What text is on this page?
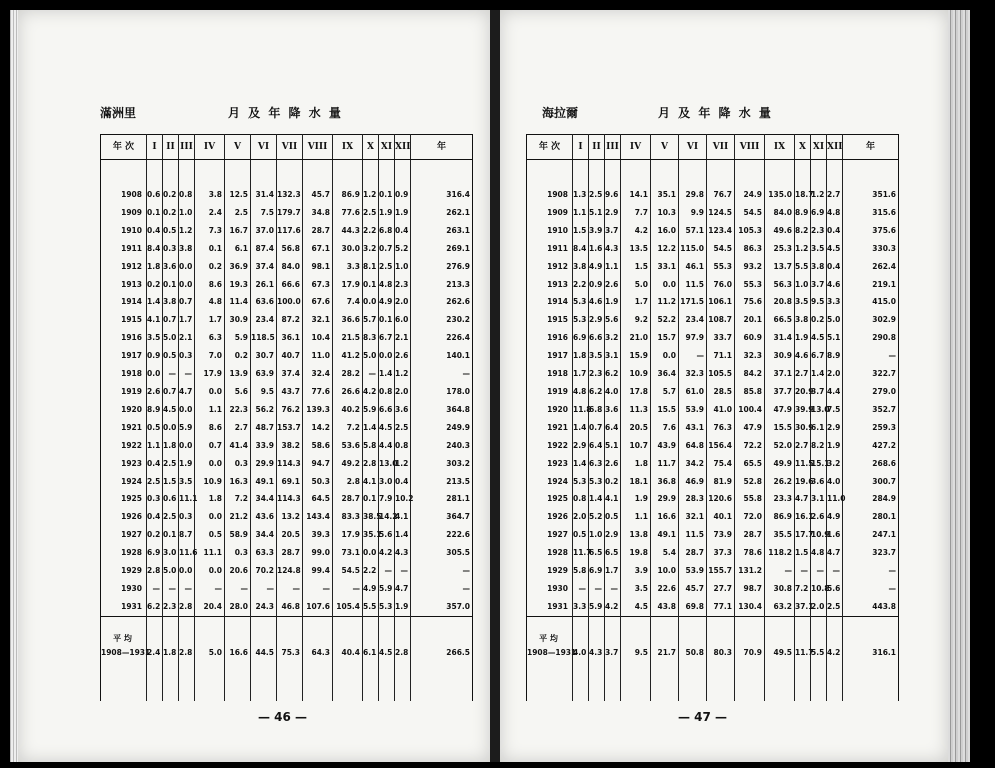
滿洲里	月 及 年 降 水 量
年 次	I	II	III	IV	V	VI	VII	VIII	IX	X	XI	XII	年

1908	0.6	0.2	0.8	3.8	12.5	31.4	132.3	45.7	86.9	1.2	0.1	0.9	316.4
1909	0.1	0.2	1.0	2.4	2.5	7.5	179.7	34.8	77.6	2.5	1.9	1.9	262.1
1910	0.4	0.5	1.2	7.3	16.7	37.0	117.6	28.7	44.3	2.2	6.8	0.4	263.1
1911	8.4	0.3	3.8	0.1	6.1	87.4	56.8	67.1	30.0	3.2	0.7	5.2	269.1
1912	1.8	3.6	0.0	0.2	36.9	37.4	84.0	98.1	3.3	8.1	2.5	1.0	276.9
1913	0.2	0.1	0.0	8.6	19.3	26.1	66.6	67.3	17.9	0.1	4.8	2.3	213.3
1914	1.4	3.8	0.7	4.8	11.4	63.6	100.0	67.6	7.4	0.0	4.9	2.0	262.6
1915	4.1	0.7	1.7	1.7	30.9	23.4	87.2	32.1	36.6	5.7	0.1	6.0	230.2
1916	3.5	5.0	2.1	6.3	5.9	118.5	36.1	10.4	21.5	8.3	6.7	2.1	226.4
1917	0.9	0.5	0.3	7.0	0.2	30.7	40.7	11.0	41.2	5.0	0.0	2.6	140.1
1918	0.0	—	—	17.9	13.9	63.9	37.4	32.4	28.2	—	1.4	1.2	—
1919	2.6	0.7	4.7	0.0	5.6	9.5	43.7	77.6	26.6	4.2	0.8	2.0	178.0
1920	8.9	4.5	0.0	1.1	22.3	56.2	76.2	139.3	40.2	5.9	6.6	3.6	364.8
1921	0.5	0.0	5.9	8.6	2.7	48.7	153.7	14.2	7.2	1.4	4.5	2.5	249.9
1922	1.1	1.8	0.0	0.7	41.4	33.9	38.2	58.6	53.6	5.8	4.4	0.8	240.3
1923	0.4	2.5	1.9	0.0	0.3	29.9	114.3	94.7	49.2	2.8	13.0	1.2	303.2
1924	2.5	1.5	3.5	10.9	16.3	49.1	69.1	50.3	2.8	4.1	3.0	0.4	213.5
1925	0.3	0.6	11.1	1.8	7.2	34.4	114.3	64.5	28.7	0.1	7.9	10.2	281.1
1926	0.4	2.5	0.3	0.0	21.2	43.6	13.2	143.4	83.3	38.5	14.2	4.1	364.7
1927	0.2	0.1	8.7	0.5	58.9	34.4	20.5	39.3	17.9	35.1	5.6	1.4	222.6
1928	6.9	3.0	11.6	11.1	0.3	63.3	28.7	99.0	73.1	0.0	4.2	4.3	305.5
1929	2.8	5.0	0.0	0.0	20.6	70.2	124.8	99.4	54.5	2.2	—	—	—
1930	—	—	—	—	—	—	—	—	—	4.9	5.9	4.7	—
1931	6.2	2.3	2.8	20.4	28.0	24.3	46.8	107.6	105.4	5.5	5.3	1.9	357.0

平 均													
1908—1931	2.4	1.8	2.8	5.0	16.6	44.5	75.3	64.3	40.4	6.1	4.5	2.8	266.5

— 46 —
海拉爾	月 及 年 降 水 量
年 次	I	II	III	IV	V	VI	VII	VIII	IX	X	XI	XII	年

1908	1.3	2.5	9.6	14.1	35.1	29.8	76.7	24.9	135.0	18.7	1.2	2.7	351.6
1909	1.1	5.1	2.9	7.7	10.3	9.9	124.5	54.5	84.0	8.9	6.9	4.8	315.6
1910	1.5	3.9	3.7	4.2	16.0	57.1	123.4	105.3	49.6	8.2	2.3	0.4	375.6
1911	8.4	1.6	4.3	13.5	12.2	115.0	54.5	86.3	25.3	1.2	3.5	4.5	330.3
1912	3.8	4.9	1.1	1.5	33.1	46.1	55.3	93.2	13.7	5.5	3.8	0.4	262.4
1913	2.2	0.9	2.6	5.0	0.0	11.5	76.0	55.3	56.3	1.0	3.7	4.6	219.1
1914	5.3	4.6	1.9	1.7	11.2	171.5	106.1	75.6	20.8	3.5	9.5	3.3	415.0
1915	5.3	2.9	5.6	9.2	52.2	23.4	108.7	20.1	66.5	3.8	0.2	5.0	302.9
1916	6.9	6.6	3.2	21.0	15.7	97.9	33.7	60.9	31.4	1.9	4.5	5.1	290.8
1917	1.8	3.5	3.1	15.9	0.0	—	71.1	32.3	30.9	4.6	6.7	8.9	—
1918	1.7	2.3	6.2	10.9	36.4	32.3	105.5	84.2	37.1	2.7	1.4	2.0	322.7
1919	4.8	6.2	4.0	17.8	5.7	61.0	28.5	85.8	37.7	20.9	3.7	4.4	279.0
1920	11.8	6.8	3.6	11.3	15.5	53.9	41.0	100.4	47.9	39.9	13.0	7.5	352.7
1921	1.4	0.7	6.4	20.5	7.6	43.1	76.3	47.9	15.5	30.9	6.1	2.9	259.3
1922	2.9	6.4	5.1	10.7	43.9	64.8	156.4	72.2	52.0	2.7	8.2	1.9	427.2
1923	1.4	6.3	2.6	1.8	11.7	34.2	75.4	65.5	49.9	11.5	15.1	3.2	268.6
1924	5.3	5.3	0.2	18.1	36.8	46.9	81.9	52.8	26.2	19.6	3.6	4.0	300.7
1925	0.8	1.4	4.1	1.9	29.9	28.3	120.6	55.8	23.3	4.7	3.1	11.0	284.9
1926	2.0	5.2	0.5	1.1	16.6	32.1	40.1	72.0	86.9	16.1	2.6	4.9	280.1
1927	0.5	1.0	2.9	13.8	49.1	11.5	73.9	28.7	35.5	17.7	10.9	1.6	247.1
1928	11.7	6.5	6.5	19.8	5.4	28.7	37.3	78.6	118.2	1.5	4.8	4.7	323.7
1929	5.8	6.9	1.7	3.9	10.0	53.9	155.7	131.2	—	—	—	—	—
1930	—	—	—	3.5	22.6	45.7	27.7	98.7	30.8	7.2	10.8	5.6	—
1931	3.3	5.9	4.2	4.5	43.8	69.8	77.1	130.4	63.2	37.1	2.0	2.5	443.8

平 均													
1908—1931	4.0	4.3	3.7	9.5	21.7	50.8	80.3	70.9	49.5	11.7	5.5	4.2	316.1

— 47 —
